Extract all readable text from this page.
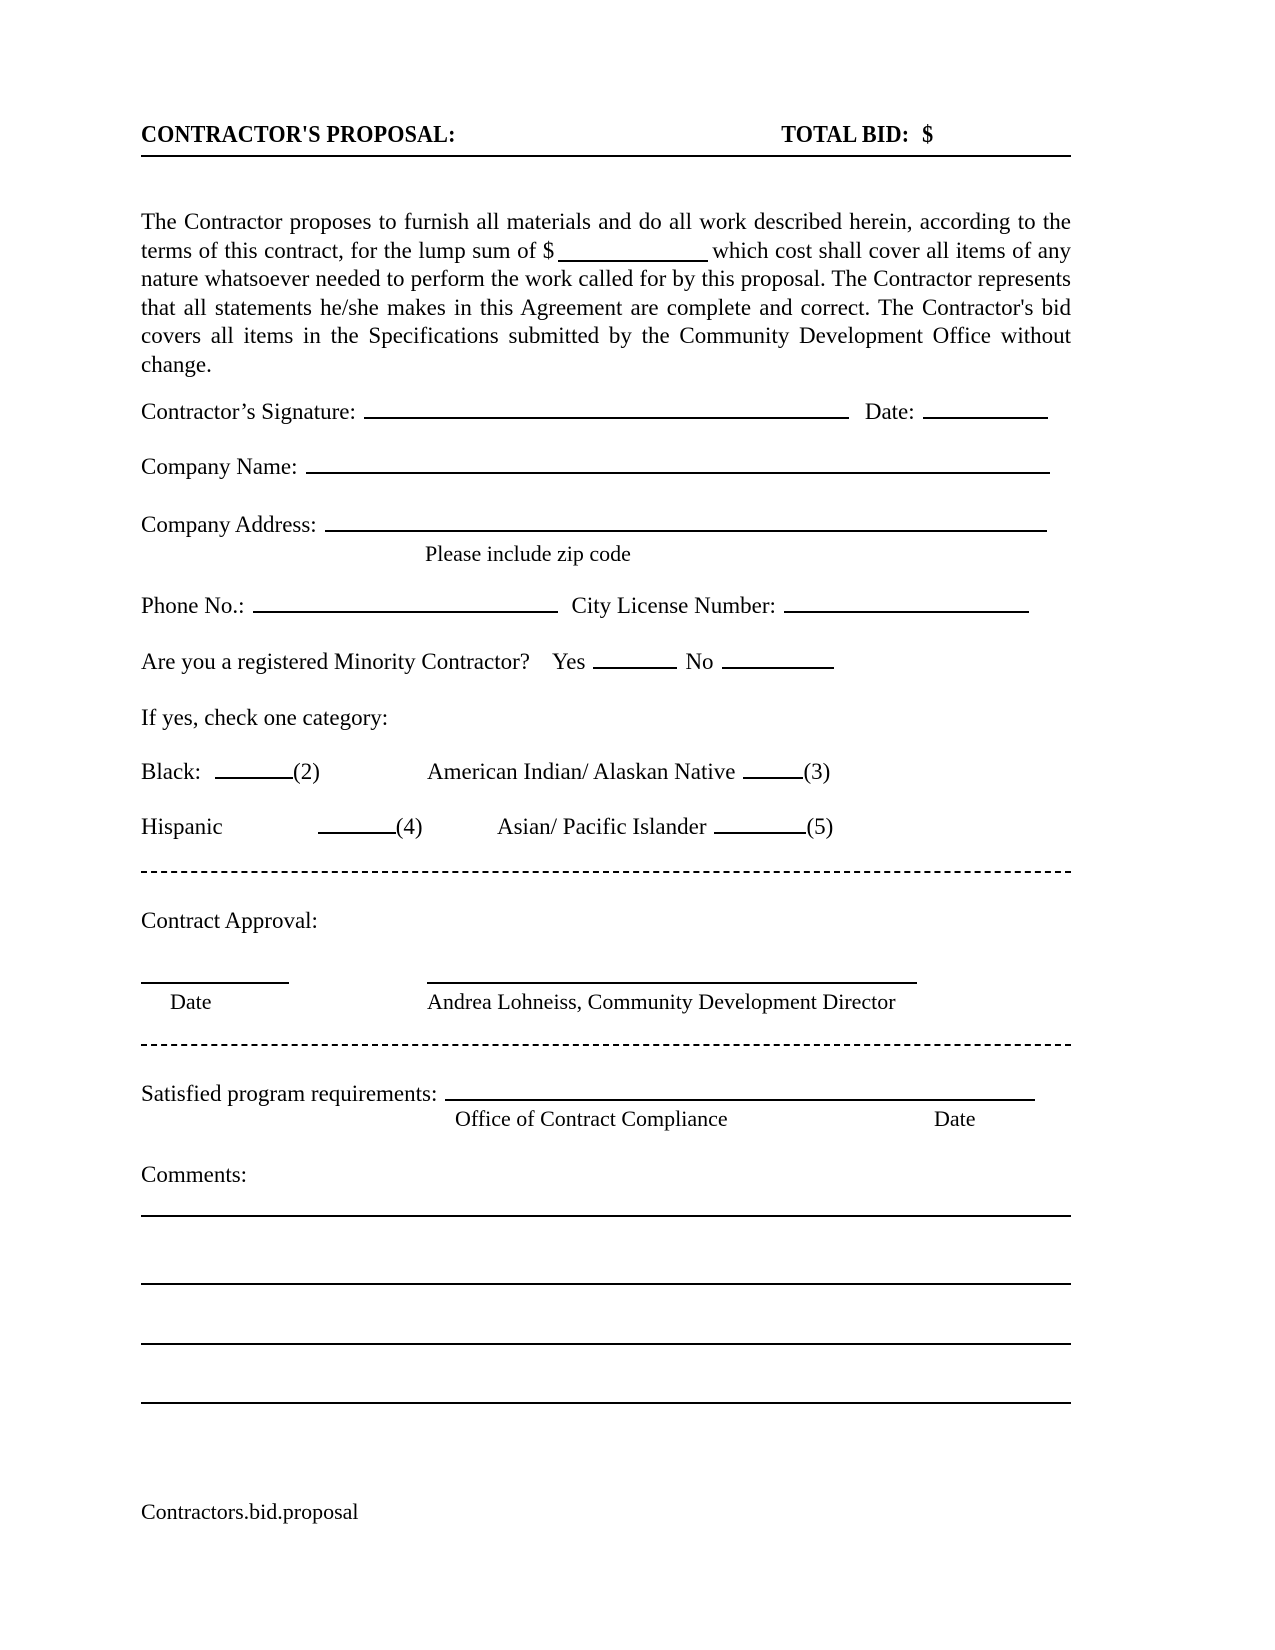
CONTRACTOR'S PROPOSAL:	TOTAL BID: $
The Contractor proposes to furnish all materials and do all work described herein, according to the terms of this contract, for the lump sum of $	which cost shall cover all items of any nature whatsoever needed to perform the work called for by this proposal. The Contractor represents that all statements he/she makes in this Agreement are complete and correct. The Contractor's bid covers all items in the Specifications submitted by the Community Development Office without change.
Contractor’s Signature:	Date:
Company Name:
Company Address:
Please include zip code
Phone No.:	City License Number:
Are you a registered Minority Contractor? Yes	No
If yes, check one category:
Black:	(2)	American Indian/ Alaskan Native	(3)
Hispanic	(4)	Asian/ Pacific Islander	(5)
Contract Approval:
Date	Andrea Lohneiss, Community Development Director
Satisfied program requirements:
Office of Contract Compliance	Date
Comments:
Contractors.bid.proposal
